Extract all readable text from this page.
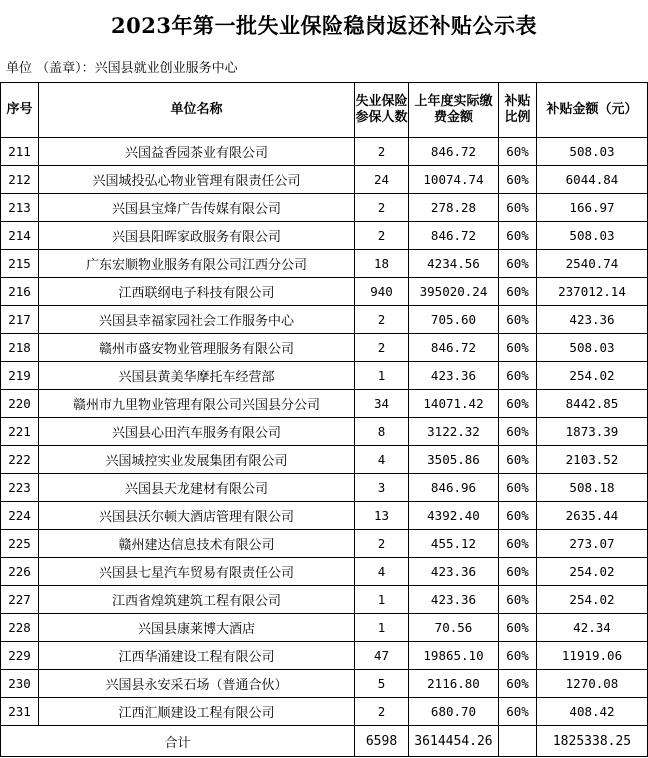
2023年第一批失业保险稳岗返还补贴公示表
单位 （盖章）：兴国县就业创业服务中心
序号	单位名称	失业保险参保人数	上年度实际缴费金额	补贴比例	补贴金额（元）
211	兴国益香园茶业有限公司	2	846.72	60%	508.03
212	兴国城投弘心物业管理有限责任公司	24	10074.74	60%	6044.84
213	兴国县宝烽广告传媒有限公司	2	278.28	60%	166.97
214	兴国县阳晖家政服务有限公司	2	846.72	60%	508.03
215	广东宏顺物业服务有限公司江西分公司	18	4234.56	60%	2540.74
216	江西联纲电子科技有限公司	940	395020.24	60%	237012.14
217	兴国县幸福家园社会工作服务中心	2	705.60	60%	423.36
218	赣州市盛安物业管理服务有限公司	2	846.72	60%	508.03
219	兴国县黄美华摩托车经营部	1	423.36	60%	254.02
220	赣州市九里物业管理有限公司兴国县分公司	34	14071.42	60%	8442.85
221	兴国县心田汽车服务有限公司	8	3122.32	60%	1873.39
222	兴国城控实业发展集团有限公司	4	3505.86	60%	2103.52
223	兴国县天龙建材有限公司	3	846.96	60%	508.18
224	兴国县沃尔顿大酒店管理有限公司	13	4392.40	60%	2635.44
225	赣州建达信息技术有限公司	2	455.12	60%	273.07
226	兴国县七星汽车贸易有限责任公司	4	423.36	60%	254.02
227	江西省煌筑建筑工程有限公司	1	423.36	60%	254.02
228	兴国县康莱博大酒店	1	70.56	60%	42.34
229	江西华涌建设工程有限公司	47	19865.10	60%	11919.06
230	兴国县永安采石场（普通合伙）	5	2116.80	60%	1270.08
231	江西汇顺建设工程有限公司	2	680.70	60%	408.42
合计		6598	3614454.26		1825338.25
